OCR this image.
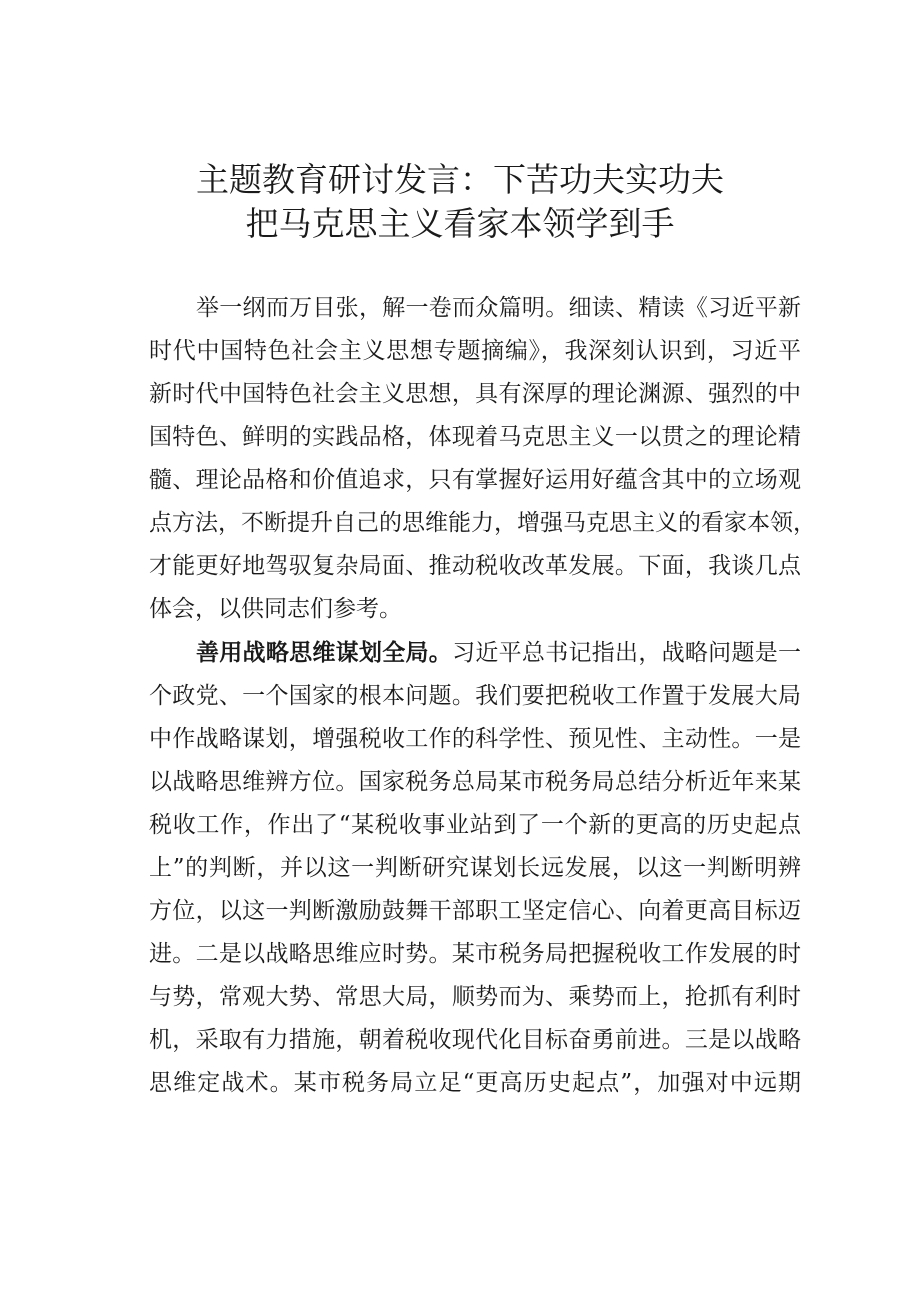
主题教育研讨发言：下苦功夫实功夫
把马克思主义看家本领学到手

举一纲而万目张，解一卷而众篇明。细读、精读《习近平新

时代中国特色社会主义思想专题摘编》，我深刻认识到，习近平

新时代中国特色社会主义思想，具有深厚的理论渊源、强烈的中

国特色、鲜明的实践品格，体现着马克思主义一以贯之的理论精

髓、理论品格和价值追求，只有掌握好运用好蕴含其中的立场观

点方法，不断提升自己的思维能力，增强马克思主义的看家本领，

才能更好地驾驭复杂局面、推动税收改革发展。下面，我谈几点

体会，以供同志们参考。

善用战略思维谋划全局。习近平总书记指出，战略问题是一

个政党、一个国家的根本问题。我们要把税收工作置于发展大局

中作战略谋划，增强税收工作的科学性、预见性、主动性。一是

以战略思维辨方位。国家税务总局某市税务局总结分析近年来某

税收工作，作出了“某税收事业站到了一个新的更高的历史起点

上”的判断，并以这一判断研究谋划长远发展，以这一判断明辨

方位，以这一判断激励鼓舞干部职工坚定信心、向着更高目标迈

进。二是以战略思维应时势。某市税务局把握税收工作发展的时

与势，常观大势、常思大局，顺势而为、乘势而上，抢抓有利时

机，采取有力措施，朝着税收现代化目标奋勇前进。三是以战略

思维定战术。某市税务局立足“更高历史起点”，加强对中远期
